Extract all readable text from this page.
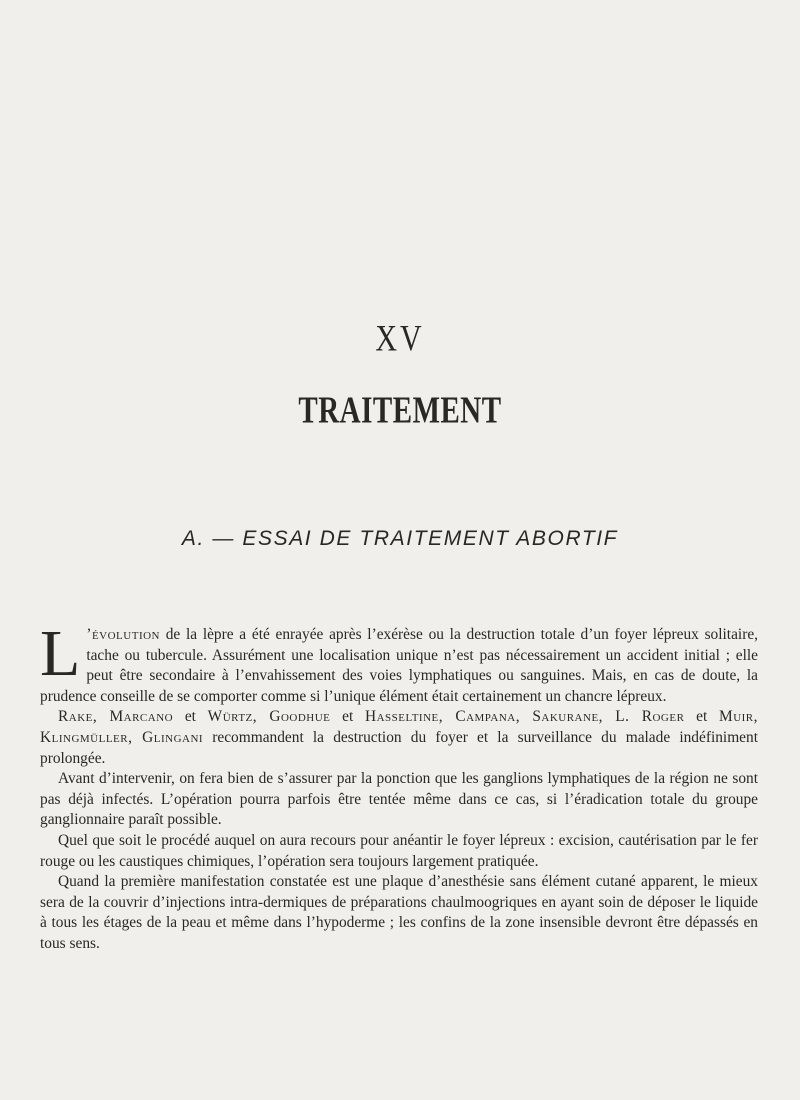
XV
TRAITEMENT
A. — ESSAI DE TRAITEMENT ABORTIF

L ’évolution de la lèpre a été enrayée après l’exérèse ou la destruction totale d’un foyer lépreux solitaire, tache ou tubercule. Assurément une localisation unique n’est pas nécessairement un accident initial ; elle peut être secondaire à l’envahissement des voies lymphatiques ou sanguines. Mais, en cas de doute, la prudence conseille de se comporter comme si l’unique élément était certainement un chancre lépreux.

Rake, Marcano et Würtz, Goodhue et Hasseltine, Campana, Sakurane, L. Roger et Muir, Klingmüller, Glingani recommandent la destruction du foyer et la surveillance du malade indéfiniment prolongée.

Avant d’intervenir, on fera bien de s’assurer par la ponction que les ganglions lymphatiques de la région ne sont pas déjà infectés. L’opération pourra parfois être tentée même dans ce cas, si l’éradication totale du groupe ganglionnaire paraît possible.

Quel que soit le procédé auquel on aura recours pour anéantir le foyer lépreux : excision, cautérisation par le fer rouge ou les caustiques chimiques, l’opération sera toujours largement pratiquée.

Quand la première manifestation constatée est une plaque d’anesthésie sans élément cutané apparent, le mieux sera de la couvrir d’injections intra-dermiques de préparations chaulmoogriques en ayant soin de déposer le liquide à tous les étages de la peau et même dans l’hypoderme ; les confins de la zone insensible devront être dépassés en tous sens.
